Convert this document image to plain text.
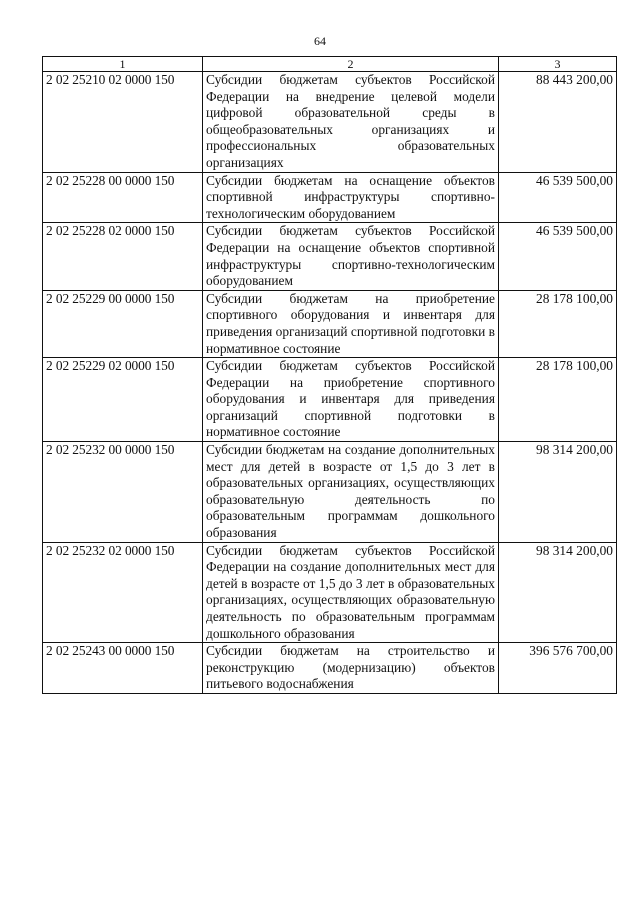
64
1	2	3
2 02 25210 02 0000 150	Субсидии бюджетам субъектов Российской Федерации на внедрение целевой модели цифровой образовательной среды в общеобразовательных организациях и профессиональных образовательных организациях	88 443 200,00
2 02 25228 00 0000 150	Субсидии бюджетам на оснащение объектов спортивной инфраструктуры спортивно-технологическим оборудованием	46 539 500,00
2 02 25228 02 0000 150	Субсидии бюджетам субъектов Российской Федерации на оснащение объектов спортивной инфраструктуры спортивно-технологическим оборудованием	46 539 500,00
2 02 25229 00 0000 150	Субсидии бюджетам на приобретение спортивного оборудования и инвентаря для приведения организаций спортивной подготовки в нормативное состояние	28 178 100,00
2 02 25229 02 0000 150	Субсидии бюджетам субъектов Российской Федерации на приобретение спортивного оборудования и инвентаря для приведения организаций спортивной подготовки в нормативное состояние	28 178 100,00
2 02 25232 00 0000 150	Субсидии бюджетам на создание дополнительных мест для детей в возрасте от 1,5 до 3 лет в образовательных организациях, осуществляющих образовательную деятельность по образовательным программам дошкольного образования	98 314 200,00
2 02 25232 02 0000 150	Субсидии бюджетам субъектов Российской Федерации на создание дополнительных мест для детей в возрасте от 1,5 до 3 лет в образовательных организациях, осуществляющих образовательную деятельность по образовательным программам дошкольного образования	98 314 200,00
2 02 25243 00 0000 150	Субсидии бюджетам на строительство и реконструкцию (модернизацию) объектов питьевого водоснабжения	396 576 700,00
